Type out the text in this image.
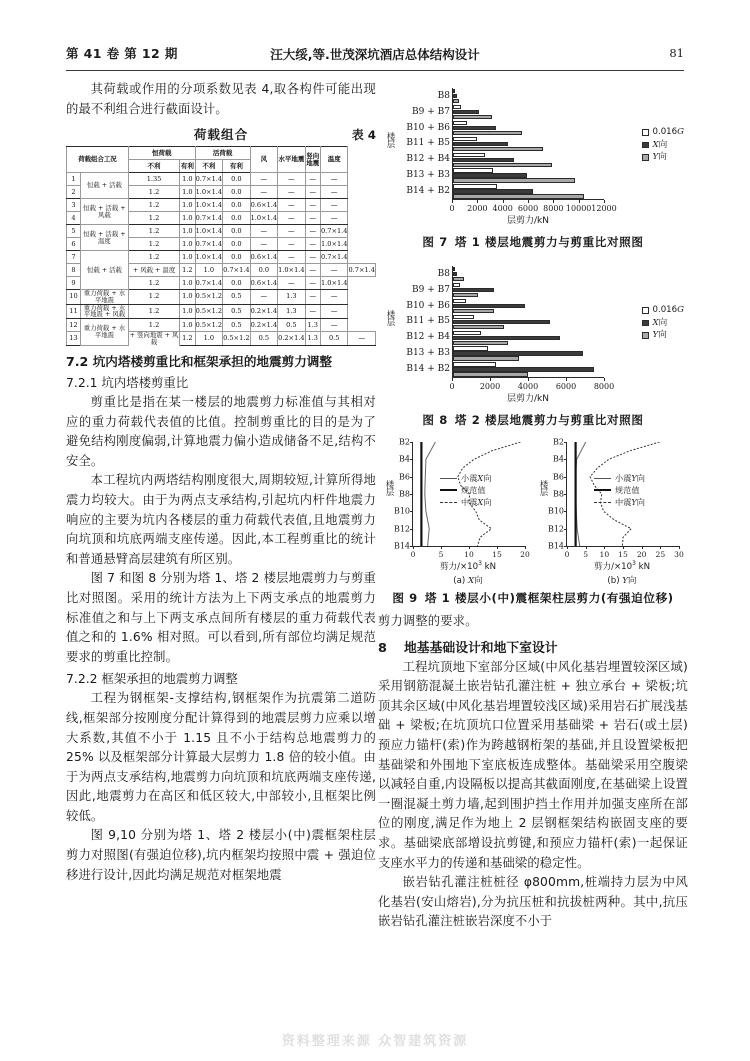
第 41 卷 第 12 期	汪大绥,等.世茂深坑酒店总体结构设计	81

其荷载或作用的分项系数见表 4,取各构件可能出现的最不利组合进行截面设计。

荷载组合	表 4
荷载组合工况		恒荷载		活荷载		风	水平地震	竖向地震	温度	
		不利	有利	不利	有利					
1	恒载 + 活载	1.35	1.0	0.7×1.4	0.0	—	—	—	—	
2		1.2	1.0	1.0×1.4	0.0	—	—	—	—	
3	恒载 + 活载 + 风载	1.2	1.0	1.0×1.4	0.0	0.6×1.4	—	—	—	
4		1.2	1.0	0.7×1.4	0.0	1.0×1.4	—	—	—	
5	恒载 + 活载 + 温度	1.2	1.0	1.0×1.4	0.0	—	—	—	0.7×1.4	
6		1.2	1.0	0.7×1.4	0.0	—	—	—	1.0×1.4	
7	恒载 + 活载	1.2	1.0	1.0×1.4	0.0	0.6×1.4	—	—	0.7×1.4	
8		+ 风载 + 温度	1.2	1.0	0.7×1.4	0.0	1.0×1.4	—	—	0.7×1.4
9		1.2	1.0	0.7×1.4	0.0	0.6×1.4	—	—	1.0×1.4	
10	重力荷载 + 水平地震	1.2	1.0	0.5×1.2	0.5	—	1.3	—	—	
11	重力荷载 + 水平地震 + 风载	1.2	1.0	0.5×1.2	0.5	0.2×1.4	1.3	—	—	
12	重力荷载 + 水平地震	1.2	1.0	0.5×1.2	0.5	0.2×1.4	0.5	1.3	—	
13		+ 竖向地震 + 风载	1.2	1.0	0.5×1.2	0.5	0.2×1.4	1.3	0.5	—
7.2 坑内塔楼剪重比和框架承担的地震剪力调整
7.2.1 坑内塔楼剪重比

剪重比是指在某一楼层的地震剪力标准值与其相对应的重力荷载代表值的比值。控制剪重比的目的是为了避免结构刚度偏弱,计算地震力偏小造成储备不足,结构不安全。

本工程坑内两塔结构刚度很大,周期较短,计算所得地震力均较大。由于为两点支承结构,引起坑内杆件地震力响应的主要为坑内各楼层的重力荷载代表值,且地震剪力向坑顶和坑底两端支座传递。因此,本工程剪重比的统计和普通悬臂高层建筑有所区别。

图 7 和图 8 分别为塔 1、塔 2 楼层地震剪力与剪重比对照图。采用的统计方法为上下两支承点的地震剪力标准值之和与上下两支承点间所有楼层的重力荷载代表值之和的 1.6% 相对照。可以看到,所有部位均满足规范要求的剪重比控制。

7.2.2 框架承担的地震剪力调整

工程为钢框架-支撑结构,钢框架作为抗震第二道防线,框架部分按刚度分配计算得到的地震层剪力应乘以增大系数,其值不小于 1.15 且不小于结构总地震剪力的 25% 以及框架部分计算最大层剪力 1.8 倍的较小值。由于为两点支承结构,地震剪力向坑顶和坑底两端支座传递,因此,地震剪力在高区和低区较大,中部较小,且框架比例较低。

图 9,10 分别为塔 1、塔 2 楼层小(中)震框架柱层剪力对照图(有强迫位移),坑内框架均按照中震 + 强迫位移进行设计,因此均满足规范对框架地震

楼层
B8
B9 + B7
B10 + B6
B11 + B5
B12 + B4
B13 + B3
B14 + B2
0 2000 4000 6000 8000 10000 12000
层剪力/kN
0.016G
X向
Y向
图 7 塔 1 楼层地震剪力与剪重比对照图
楼层
B8
B9 + B7
B10 + B6
B11 + B5
B12 + B4
B13 + B3
B14 + B2
0	2000 4000 6000 8000
层剪力/kN
0.016G
X向
Y向
图 8 塔 2 楼层地震剪力与剪重比对照图
楼层
B2
B4
B6
B8
B10
B12
B14
0	5	10 15 20
剪力$/\times 10^3$ kN
(a) X向
小震X向
规范值
中震X向
楼层
B2
B4
B6
B8
B10
B12
B14
0 5 10 15 20 25 30
剪力$/\times 10^3$ kN
(b) Y向
小震Y向
规范值
中震Y向
图 9 塔 1 楼层小(中)震框架柱层剪力(有强迫位移)

剪力调整的要求。

8 地基基础设计和地下室设计

工程坑顶地下室部分区域(中风化基岩埋置较深区域)采用钢筋混凝土嵌岩钻孔灌注桩 + 独立承台 + 梁板;坑顶其余区域(中风化基岩埋置较浅区域)采用岩石扩展浅基础 + 梁板;在坑顶坑口位置采用基础梁 + 岩石(或土层)预应力锚杆(索)作为跨越钢桁架的基础,并且设置梁板把基础梁和外围地下室底板连成整体。基础梁采用空腹梁以减轻自重,内设隔板以提高其截面刚度,在基础梁上设置一圈混凝土剪力墙,起到围护挡土作用并加强支座所在部位的刚度,满足作为地上 2 层钢框架结构嵌固支座的要求。基础梁底部增设抗剪键,和预应力锚杆(索)一起保证支座水平力的传递和基础梁的稳定性。

嵌岩钻孔灌注桩桩径 φ800mm,桩端持力层为中风化基岩(安山熔岩),分为抗压桩和抗拔桩两种。其中,抗压嵌岩钻孔灌注桩嵌岩深度不小于

资料整理来源 众智建筑资源
